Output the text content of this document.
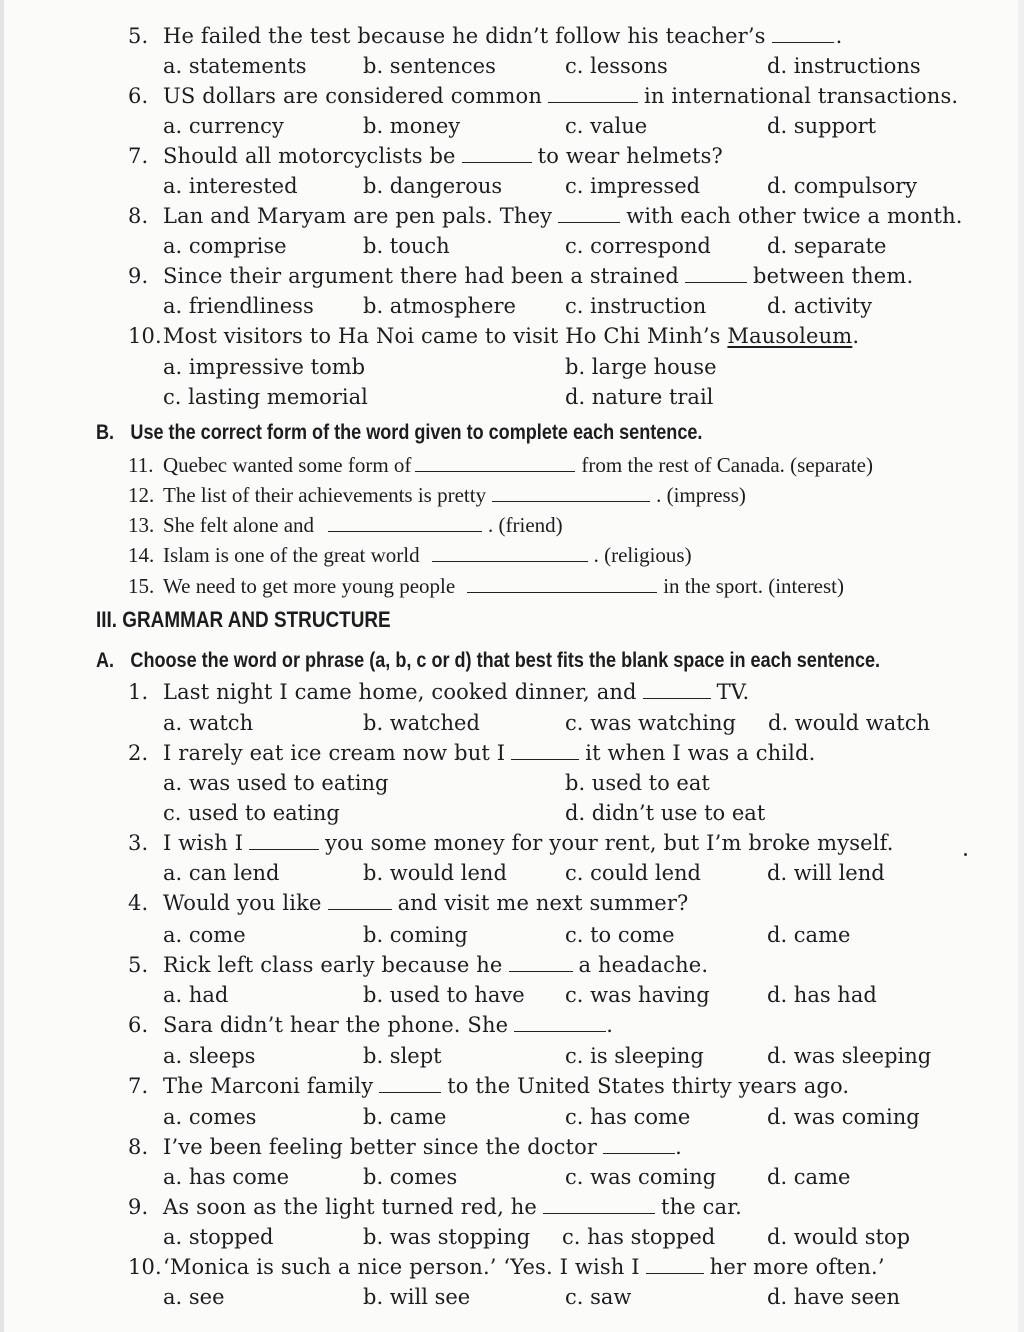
5. He failed the test because he didn’t follow his teacher’s	.
a. statements	b. sentences	c. lessons	d. instructions
6. US dollars are considered common	in international transactions.
a. currency	b. money	c. value	d. support
7. Should all motorcyclists be	to wear helmets?
a. interested	b. dangerous	c. impressed	d. compulsory
8. Lan and Maryam are pen pals. They	with each other twice a month.
a. comprise	b. touch	c. correspond	d. separate
9. Since their argument there had been a strained	between them.
a. friendliness b. atmosphere c. instruction	d. activity
10.Most visitors to Ha Noi came to visit Ho Chi Minh’s Mausoleum.
a. impressive tomb	b. large house
c. lasting memorial	d. nature trail
B. Use the correct form of the word given to complete each sentence.
11. Quebec wanted some form of	from the rest of Canada. (separate)
12. The list of their achievements is pretty	. (impress)
13. She felt alone and	. (friend)
14. Islam is one of the great world	. (religious)
15. We need to get more young people	in the sport. (interest)
III. GRAMMAR AND STRUCTURE
A. Choose the word or phrase (a, b, c or d) that best fits the blank space in each sentence.
1. Last night I came home, cooked dinner, and	TV.
a. watch	b. watched	c. was watching d. would watch
2. I rarely eat ice cream now but I	it when I was a child.
a. was used to eating	b. used to eat
c. used to eating	d. didn’t use to eat
3. I wish I	you some money for your rent, but I’m broke myself.
a. can lend	b. would lend	c. could lend	d. will lend
4. Would you like	and visit me next summer?
a. come	b. coming	c. to come	d. came
5. Rick left class early because he	a headache.
a. had	b. used to have c. was having	d. has had
6. Sara didn’t hear the phone. She	.
a. sleeps	b. slept	c. is sleeping	d. was sleeping
7. The Marconi family	to the United States thirty years ago.
a. comes	b. came	c. has come	d. was coming
8. I’ve been feeling better since the doctor	.
a. has come	b. comes	c. was coming d. came
9. As soon as the light turned red, he	the car.
a. stopped	b. was stopping c. has stopped d. would stop
10.‘Monica is such a nice person.’ ‘Yes. I wish I	her more often.’
a. see	b. will see	c. saw	d. have seen
